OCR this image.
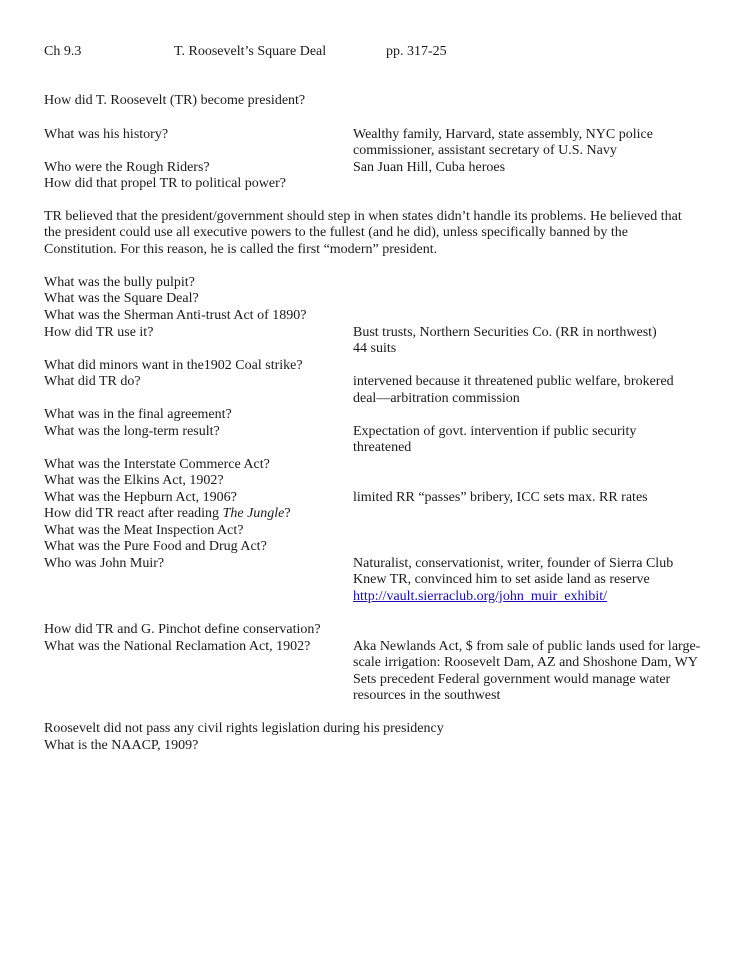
Ch 9.3	T. Roosevelt’s Square Deal	pp. 317-25
How did T. Roosevelt (TR) become president?
What was his history?	Wealthy family, Harvard, state assembly, NYC police
commissioner, assistant secretary of U.S. Navy
Who were the Rough Riders?	San Juan Hill, Cuba heroes
How did that propel TR to political power?
TR believed that the president/government should step in when states didn’t handle its problems. He believed that
the president could use all executive powers to the fullest (and he did), unless specifically banned by the
Constitution. For this reason, he is called the first “modern” president.
What was the bully pulpit?
What was the Square Deal?
What was the Sherman Anti-trust Act of 1890?
How did TR use it?	Bust trusts, Northern Securities Co. (RR in northwest)
44 suits
What did minors want in the1902 Coal strike?
What did TR do?	intervened because it threatened public welfare, brokered
deal—arbitration commission
What was in the final agreement?
What was the long-term result?	Expectation of govt. intervention if public security
threatened
What was the Interstate Commerce Act?
What was the Elkins Act, 1902?
What was the Hepburn Act, 1906?	limited RR “passes” bribery, ICC sets max. RR rates
How did TR react after reading The Jungle?
What was the Meat Inspection Act?
What was the Pure Food and Drug Act?
Who was John Muir?	Naturalist, conservationist, writer, founder of Sierra Club
Knew TR, convinced him to set aside land as reserve
http://vault.sierraclub.org/john_muir_exhibit/
How did TR and G. Pinchot define conservation?
What was the National Reclamation Act, 1902?	Aka Newlands Act, $ from sale of public lands used for large-
scale irrigation: Roosevelt Dam, AZ and Shoshone Dam, WY
Sets precedent Federal government would manage water
resources in the southwest
Roosevelt did not pass any civil rights legislation during his presidency
What is the NAACP, 1909?
